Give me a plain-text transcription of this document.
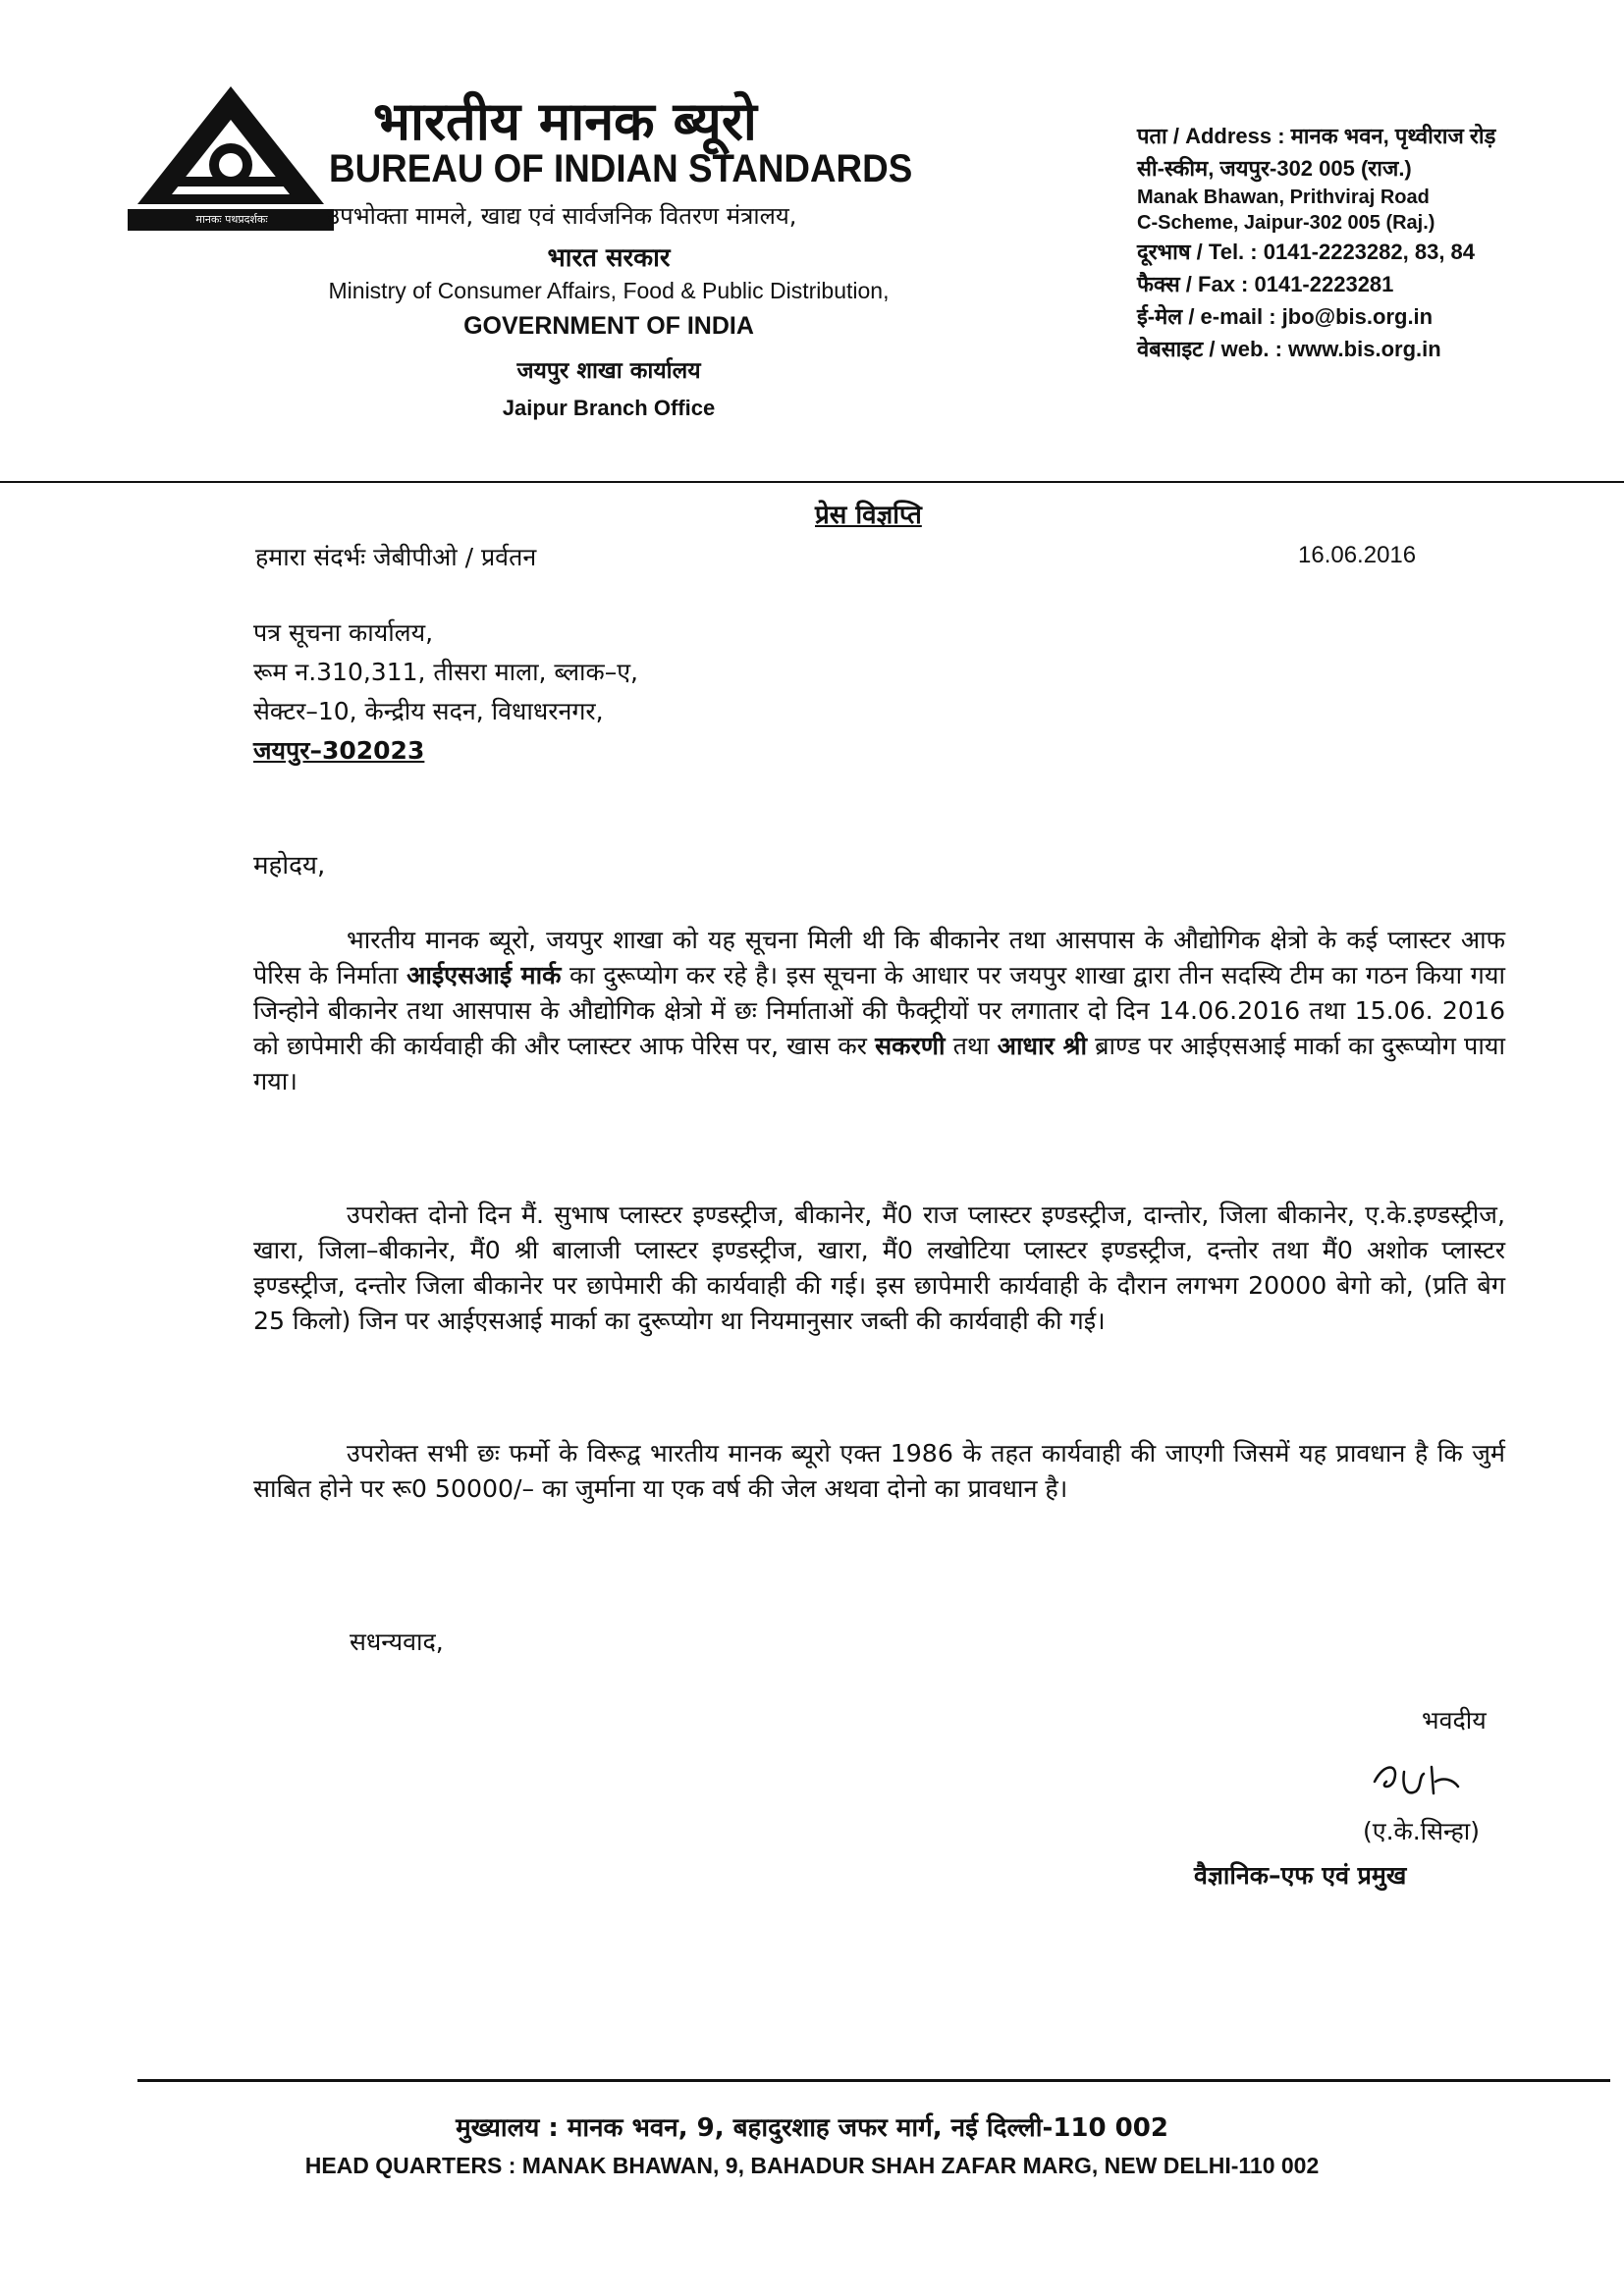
मानकः पथप्रदर्शकः
भारतीय मानक ब्यूरो
BUREAU OF INDIAN STANDARDS
उपभोक्ता मामले, खाद्य एवं सार्वजनिक वितरण मंत्रालय,
भारत सरकार
Ministry of Consumer Affairs, Food & Public Distribution,
GOVERNMENT OF INDIA
जयपुर शाखा कार्यालय
Jaipur Branch Office
पता / Address : मानक भवन, पृथ्वीराज रोड़
सी-स्कीम, जयपुर-302 005 (राज.)
Manak Bhawan, Prithviraj Road
C-Scheme, Jaipur-302 005 (Raj.)
दूरभाष / Tel. : 0141-2223282, 83, 84
फैक्स / Fax : 0141-2223281
ई-मेल / e-mail : jbo@bis.org.in
वेबसाइट / web. : www.bis.org.in
प्रेस विज्ञप्ति
हमारा संदर्भः जेबीपीओ / प्रर्वतन	16.06.2016
पत्र सूचना कार्यालय,
रूम न.310,311, तीसरा माला, ब्लाक–ए,
सेक्टर–10, केन्द्रीय सदन, विधाधरनगर,
जयपुर–302023
महोदय,
भारतीय मानक ब्यूरो, जयपुर शाखा को यह सूचना मिली थी कि बीकानेर तथा आसपास के औद्योगिक क्षेत्रो के कई प्लास्टर आफ पेरिस के निर्माता आईएसआई मार्क का दुरूप्योग कर रहे है। इस सूचना के आधार पर जयपुर शाखा द्वारा तीन सदस्यि टीम का गठन किया गया जिन्होने बीकानेर तथा आसपास के औद्योगिक क्षेत्रो में छः निर्माताओं की फैक्ट्रीयों पर लगातार दो दिन 14.06.2016 तथा 15.06. 2016 को छापेमारी की कार्यवाही की और प्लास्टर आफ पेरिस पर, खास कर सकरणी तथा आधार श्री ब्राण्ड पर आईएसआई मार्का का दुरूप्योग पाया गया।
उपरोक्त दोनो दिन मैं. सुभाष प्लास्टर इण्डस्ट्रीज, बीकानेर, मैं0 राज प्लास्टर इण्डस्ट्रीज, दान्तोर, जिला बीकानेर, ए.के.इण्डस्ट्रीज, खारा, जिला–बीकानेर, मैं0 श्री बालाजी प्लास्टर इण्डस्ट्रीज, खारा, मैं0 लखोटिया प्लास्टर इण्डस्ट्रीज, दन्तोर तथा मैं0 अशोक प्लास्टर इण्डस्ट्रीज, दन्तोर जिला बीकानेर पर छापेमारी की कार्यवाही की गई। इस छापेमारी कार्यवाही के दौरान लगभग 20000 बेगो को, (प्रति बेग 25 किलो) जिन पर आईएसआई मार्का का दुरूप्योग था नियमानुसार जब्ती की कार्यवाही की गई।
उपरोक्त सभी छः फर्मो के विरूद्व भारतीय मानक ब्यूरो एक्त 1986 के तहत कार्यवाही की जाएगी जिसमें यह प्रावधान है कि जुर्म साबित होने पर रू0 50000/– का जुर्माना या एक वर्ष की जेल अथवा दोनो का प्रावधान है।
सधन्यवाद,
भवदीय
(ए.के.सिन्हा)
वैज्ञानिक–एफ एवं प्रमुख
मुख्यालय : मानक भवन, 9, बहादुरशाह जफर मार्ग, नई दिल्ली-110 002
HEAD QUARTERS : MANAK BHAWAN, 9, BAHADUR SHAH ZAFAR MARG, NEW DELHI-110 002
